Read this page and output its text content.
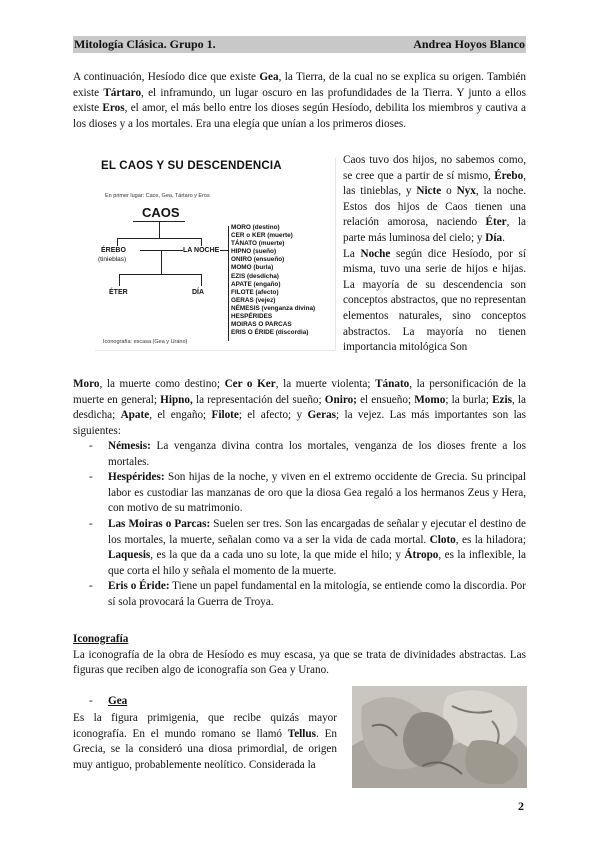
Mitología Clásica. Grupo 1.	Andrea Hoyos Blanco
A continuación, Hesíodo dice que existe Gea, la Tierra, de la cual no se explica su origen. También existe Tártaro, el inframundo, un lugar oscuro en las profundidades de la Tierra. Y junto a ellos existe Eros, el amor, el más bello entre los dioses según Hesíodo, debilita los miembros y cautiva a los dioses y a los mortales. Era una elegía que unían a los primeros dioses.
EL CAOS Y SU DESCENDENCIA
En primer lugar: Caos, Gea, Tártaro y Eros
CAOS
ÉREBO
(tinieblas)
LA NOCHE
ÉTER	DÍA
MORO (destino)
CER o KER (muerte)
TÁNATO (muerte)
HIPNO (sueño)
ONIRO (ensueño)
MOMO (burla)
EZIS (desdicha)
APATE (engaño)
FILOTE (afecto)
GERAS (vejez)
NÉMESIS (venganza divina)
HESPÉRIDES
MOIRAS O PARCAS
ERIS O ÉRIDE (discordia)
Iconografía: escasa (Gea y Urano)
Caos tuvo dos hijos, no sabemos como, se cree que a partir de sí mismo, Érebo, las tinieblas, y Nicte o Nyx, la noche. Estos dos hijos de Caos tienen una relación amorosa, naciendo Éter, la parte más luminosa del cielo; y Día.
La Noche según dice Hesíodo, por sí misma, tuvo una serie de hijos e hijas. La mayoría de su descendencia son conceptos abstractos, que no representan elementos naturales, sino conceptos abstractos. La mayoría no tienen importancia mitológica Son
Moro, la muerte como destino; Cer o Ker, la muerte violenta; Tánato, la personificación de la muerte en general; Hipno, la representación del sueño; Oniro; el ensueño; Momo; la burla; Ezis, la desdicha; Apate, el engaño; Filote; el afecto; y Geras; la vejez. Las más importantes son las siguientes:
- Némesis: La venganza divina contra los mortales, venganza de los dioses frente a los mortales.
- Hespérides: Son hijas de la noche, y viven en el extremo occidente de Grecia. Su principal labor es custodiar las manzanas de oro que la diosa Gea regaló a los hermanos Zeus y Hera, con motivo de su matrimonio.
- Las Moiras o Parcas: Suelen ser tres. Son las encargadas de señalar y ejecutar el destino de los mortales, la muerte, señalan como va a ser la vida de cada mortal. Cloto, es la hiladora; Laquesis, es la que da a cada uno su lote, la que mide el hilo; y Átropo, es la inflexible, la que corta el hilo y señala el momento de la muerte.
- Eris o Éride: Tiene un papel fundamental en la mitología, se entiende como la discordia. Por sí sola provocará la Guerra de Troya.
Iconografía
La iconografía de la obra de Hesíodo es muy escasa, ya que se trata de divinidades abstractas. Las figuras que reciben algo de iconografía son Gea y Urano.
- Gea
Es la figura primigenia, que recibe quizás mayor iconografía. En el mundo romano se llamó Tellus. En Grecia, se la consideró una diosa primordial, de origen muy antiguo, probablemente neolítico. Considerada la
2
